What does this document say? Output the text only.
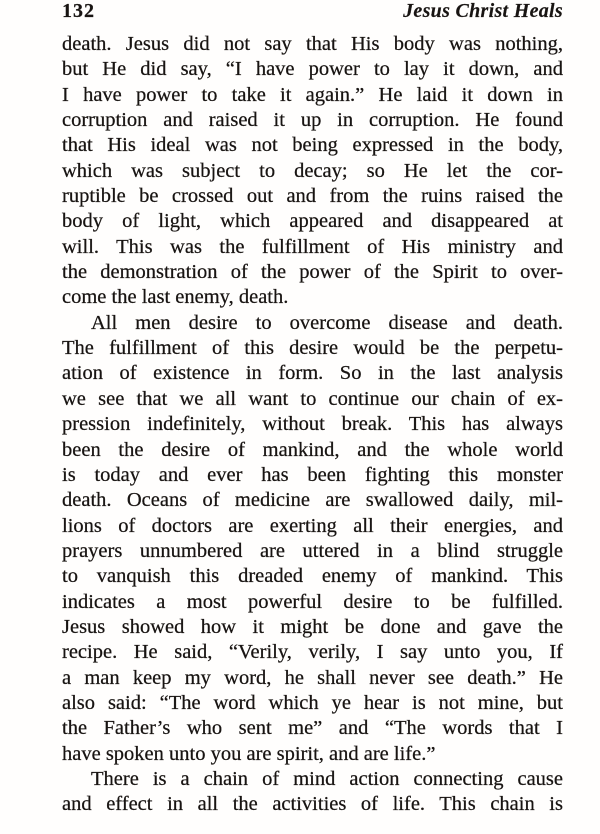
132	Jesus Christ Heals
death. Jesus did not say that His body was nothing,
but He did say, “I have power to lay it down, and
I have power to take it again.” He laid it down in
corruption and raised it up in corruption. He found
that His ideal was not being expressed in the body,
which was subject to decay; so He let the cor-
ruptible be crossed out and from the ruins raised the
body of light, which appeared and disappeared at
will. This was the fulfillment of His ministry and
the demonstration of the power of the Spirit to over-
come the last enemy, death.
All men desire to overcome disease and death.
The fulfillment of this desire would be the perpetu-
ation of existence in form. So in the last analysis
we see that we all want to continue our chain of ex-
pression indefinitely, without break. This has always
been the desire of mankind, and the whole world
is today and ever has been fighting this monster
death. Oceans of medicine are swallowed daily, mil-
lions of doctors are exerting all their energies, and
prayers unnumbered are uttered in a blind struggle
to vanquish this dreaded enemy of mankind. This
indicates a most powerful desire to be fulfilled.
Jesus showed how it might be done and gave the
recipe. He said, “Verily, verily, I say unto you, If
a man keep my word, he shall never see death.” He
also said: “The word which ye hear is not mine, but
the Father’s who sent me” and “The words that I
have spoken unto you are spirit, and are life.”
There is a chain of mind action connecting cause
and effect in all the activities of life. This chain is
